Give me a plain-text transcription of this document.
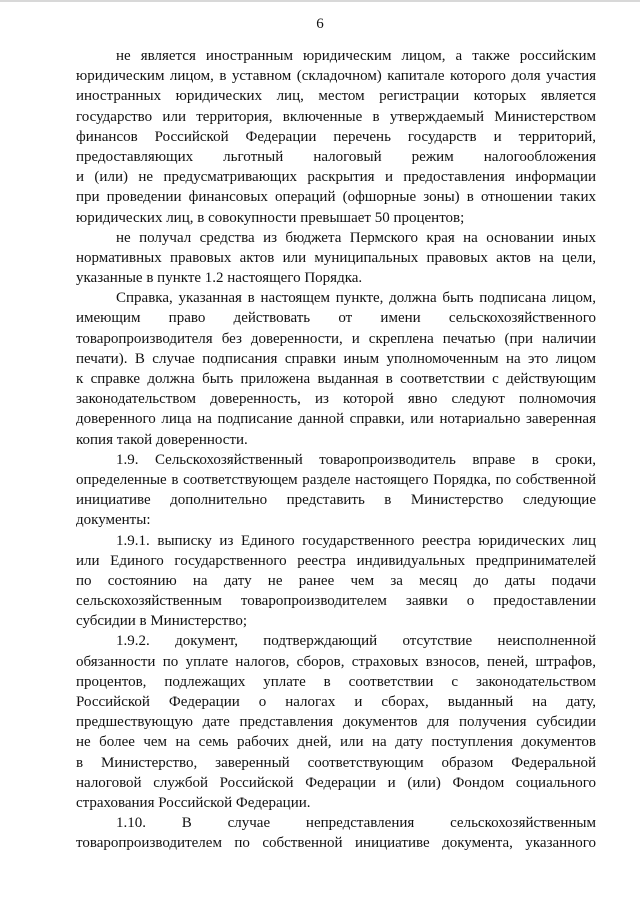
6
не является иностранным юридическим лицом, а также российским
юридическим лицом, в уставном (складочном) капитале которого доля участия
иностранных юридических лиц, местом регистрации которых является
государство или территория, включенные в утверждаемый Министерством
финансов Российской Федерации перечень государств и территорий,
предоставляющих льготный налоговый режим налогообложения
и (или) не предусматривающих раскрытия и предоставления информации
при проведении финансовых операций (офшорные зоны) в отношении таких
юридических лиц, в совокупности превышает 50 процентов;
не получал средства из бюджета Пермского края на основании иных
нормативных правовых актов или муниципальных правовых актов на цели,
указанные в пункте 1.2 настоящего Порядка.
Справка, указанная в настоящем пункте, должна быть подписана лицом,
имеющим право действовать от имени сельскохозяйственного
товаропроизводителя без доверенности, и скреплена печатью (при наличии
печати). В случае подписания справки иным уполномоченным на это лицом
к справке должна быть приложена выданная в соответствии с действующим
законодательством доверенность, из которой явно следуют полномочия
доверенного лица на подписание данной справки, или нотариально заверенная
копия такой доверенности.
1.9. Сельскохозяйственный товаропроизводитель вправе в сроки,
определенные в соответствующем разделе настоящего Порядка, по собственной
инициативе дополнительно представить в Министерство следующие
документы:
1.9.1. выписку из Единого государственного реестра юридических лиц
или Единого государственного реестра индивидуальных предпринимателей
по состоянию на дату не ранее чем за месяц до даты подачи
сельскохозяйственным товаропроизводителем заявки о предоставлении
субсидии в Министерство;
1.9.2. документ, подтверждающий отсутствие неисполненной
обязанности по уплате налогов, сборов, страховых взносов, пеней, штрафов,
процентов, подлежащих уплате в соответствии с законодательством
Российской Федерации о налогах и сборах, выданный на дату,
предшествующую дате представления документов для получения субсидии
не более чем на семь рабочих дней, или на дату поступления документов
в Министерство, заверенный соответствующим образом Федеральной
налоговой службой Российской Федерации и (или) Фондом социального
страхования Российской Федерации.
1.10. В случае непредставления сельскохозяйственным
товаропроизводителем по собственной инициативе документа, указанного
